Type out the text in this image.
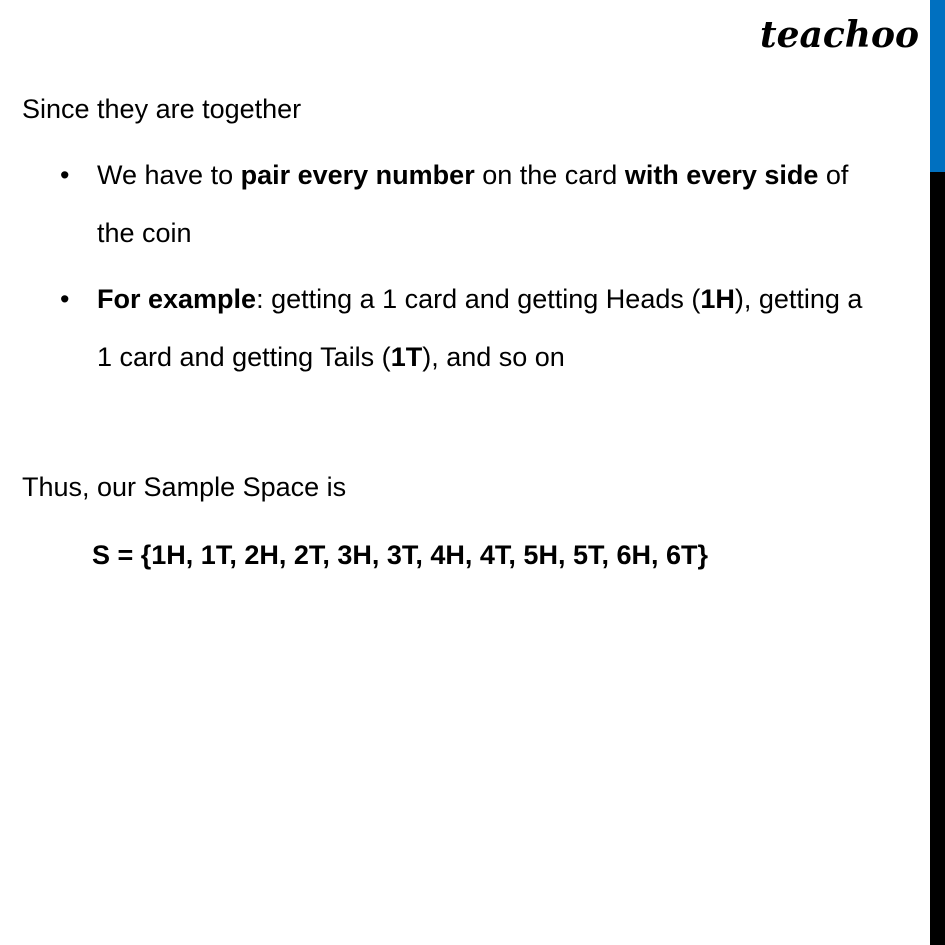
teachoo
Since they are together
• We have to pair every number on the card with every side of
the coin
• For example: getting a 1 card and getting Heads (1H), getting a
1 card and getting Tails (1T), and so on
Thus, our Sample Space is
S = {1H, 1T, 2H, 2T, 3H, 3T, 4H, 4T, 5H, 5T, 6H, 6T}
